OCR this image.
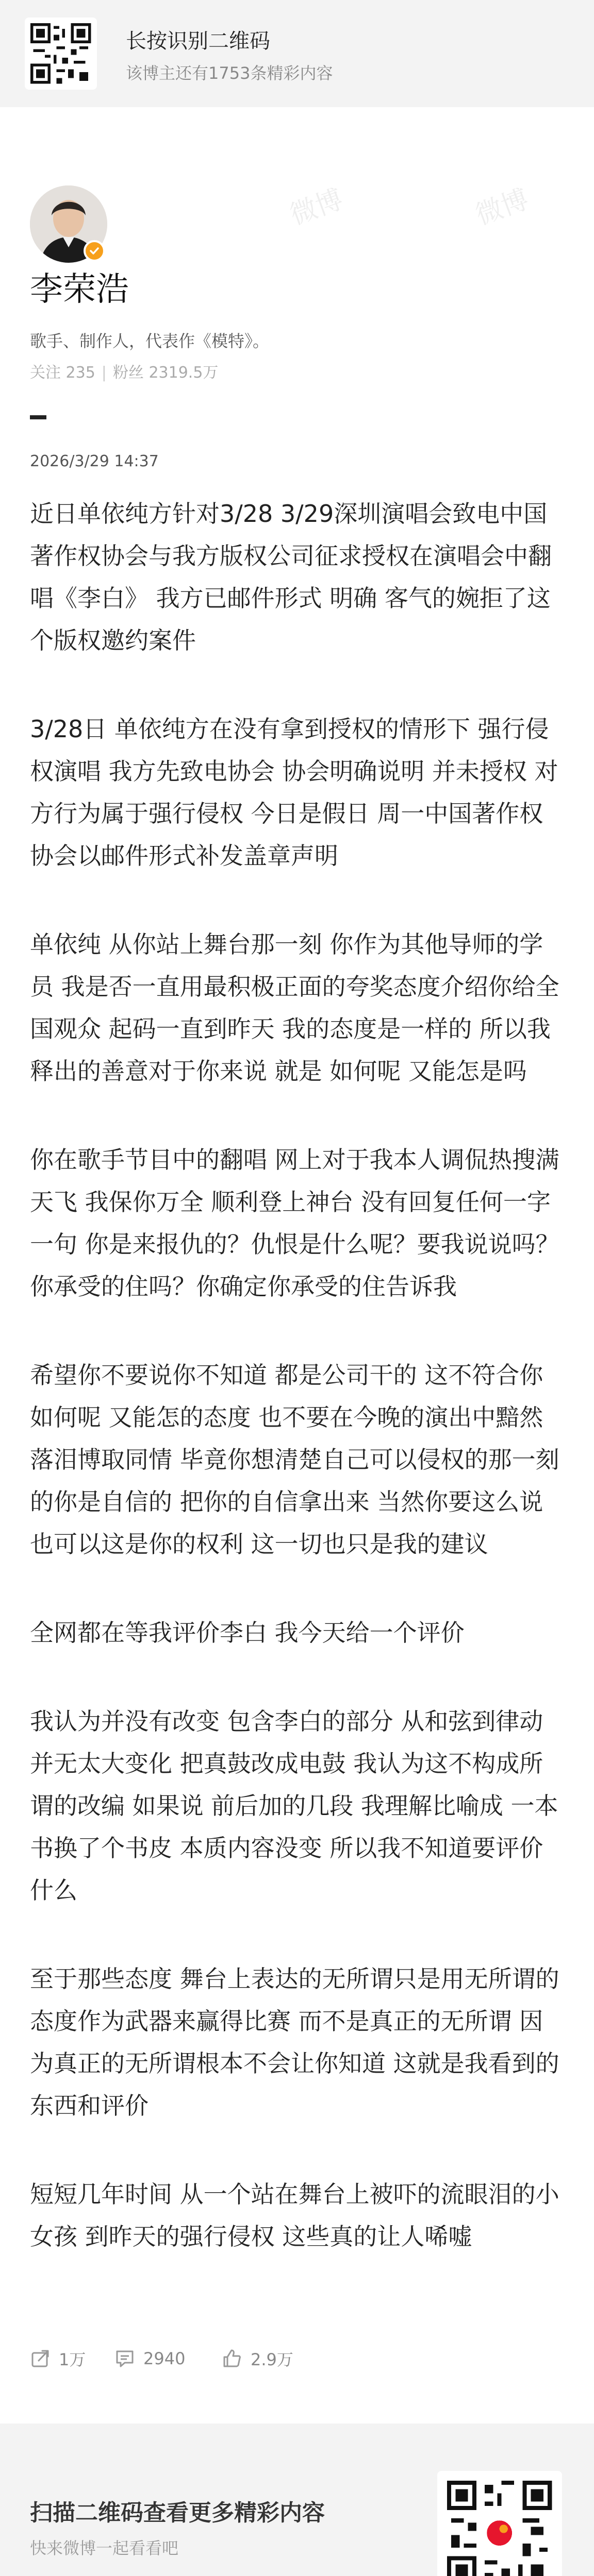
微博	微博
长按识别二维码
该博主还有1753条精彩内容
李荣浩
歌手、制作人，代表作《模特》。
关注 235 | 粉丝 2319.5万
2026/3/29 14:37

近日单依纯方针对3/28 3/29深圳演唱会致电中国著作权协会与我方版权公司征求授权在演唱会中翻唱《李白》 我方已邮件形式 明确 客气的婉拒了这个版权邀约案件

3/28日 单依纯方在没有拿到授权的情形下 强行侵权演唱 我方先致电协会 协会明确说明 并未授权 对方行为属于强行侵权 今日是假日 周一中国著作权协会以邮件形式补发盖章声明

单依纯 从你站上舞台那一刻 你作为其他导师的学员 我是否一直用最积极正面的夸奖态度介绍你给全国观众 起码一直到昨天 我的态度是一样的 所以我释出的善意对于你来说 就是 如何呢 又能怎是吗

你在歌手节目中的翻唱 网上对于我本人调侃热搜满天飞 我保你万全 顺利登上神台 没有回复任何一字一句 你是来报仇的？仇恨是什么呢？要我说说吗？你承受的住吗？你确定你承受的住告诉我

希望你不要说你不知道 都是公司干的 这不符合你 如何呢 又能怎的态度 也不要在今晚的演出中黯然落泪博取同情 毕竟你想清楚自己可以侵权的那一刻的你是自信的 把你的自信拿出来 当然你要这么说也可以这是你的权利 这一切也只是我的建议

全网都在等我评价李白 我今天给一个评价

我认为并没有改变 包含李白的部分 从和弦到律动 并无太大变化 把真鼓改成电鼓 我认为这不构成所谓的改编 如果说 前后加的几段 我理解比喻成 一本书换了个书皮 本质内容没变 所以我不知道要评价什么

至于那些态度 舞台上表达的无所谓只是用无所谓的态度作为武器来赢得比赛 而不是真正的无所谓 因为真正的无所谓根本不会让你知道 这就是我看到的东西和评价

短短几年时间 从一个站在舞台上被吓的流眼泪的小女孩 到昨天的强行侵权 这些真的让人唏嘘

1万	2940	2.9万
扫描二维码查看更多精彩内容
快来微博一起看看吧
